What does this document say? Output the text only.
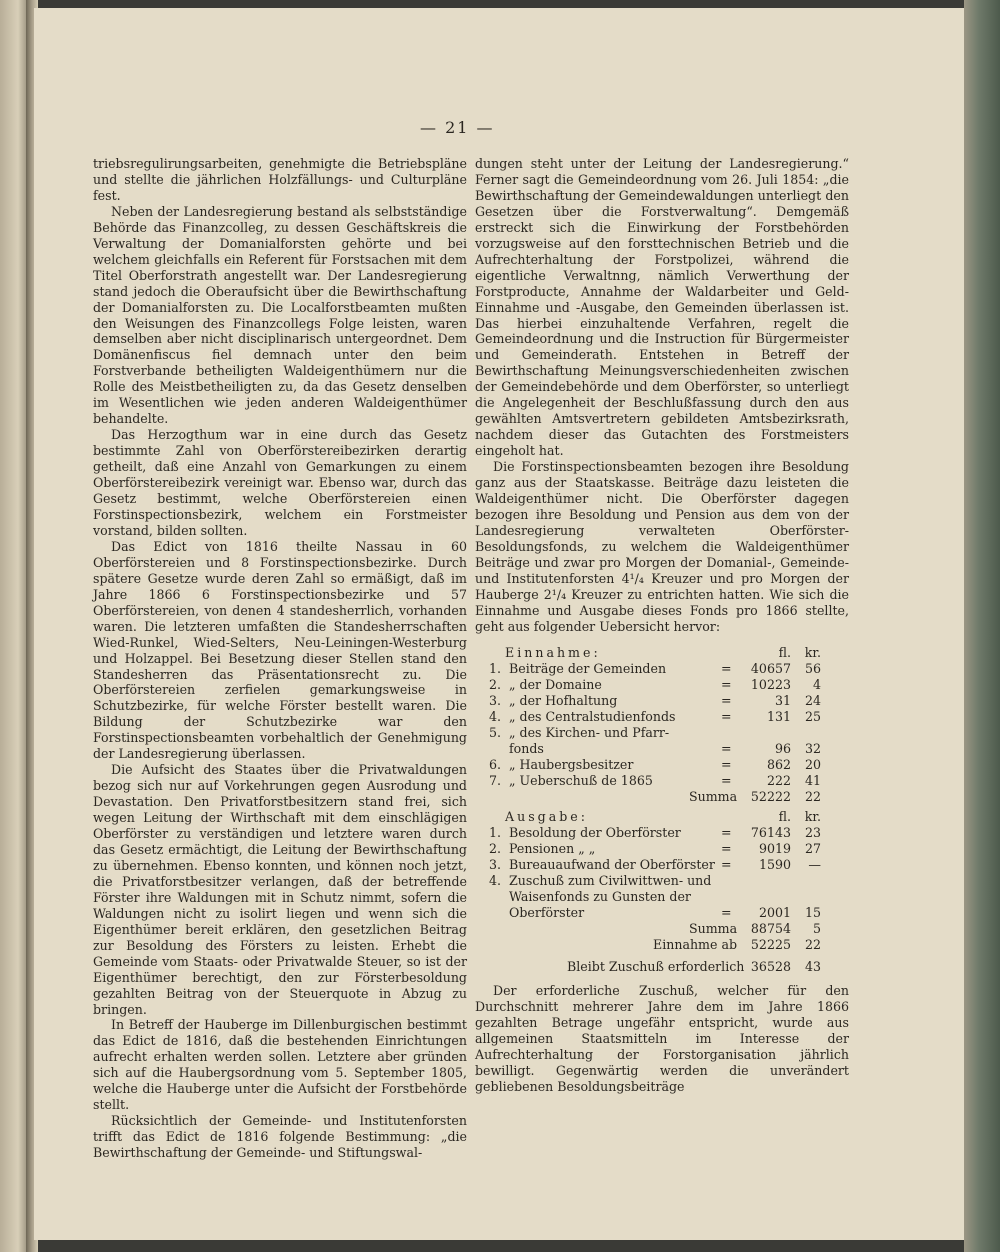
— 21 —

triebsregulirungsarbeiten, genehmigte die Betriebspläne und stellte die jährlichen Holzfällungs- und Culturpläne fest.

Neben der Landesregierung bestand als selbstständige Behörde das Finanzcolleg, zu dessen Geschäftskreis die Verwaltung der Domanialforsten gehörte und bei welchem gleichfalls ein Referent für Forstsachen mit dem Titel Oberforstrath angestellt war. Der Landesregierung stand jedoch die Oberaufsicht über die Bewirthschaftung der Domanialforsten zu. Die Localforstbeamten mußten den Weisungen des Finanzcollegs Folge leisten, waren demselben aber nicht disciplinarisch untergeordnet. Dem Domänenfiscus fiel demnach unter den beim Forstverbande betheiligten Waldeigenthümern nur die Rolle des Meistbetheiligten zu, da das Gesetz denselben im Wesentlichen wie jeden anderen Waldeigenthümer behandelte.

Das Herzogthum war in eine durch das Gesetz bestimmte Zahl von Oberförstereibezirken derartig getheilt, daß eine Anzahl von Gemarkungen zu einem Oberförstereibezirk vereinigt war. Ebenso war, durch das Gesetz bestimmt, welche Oberförstereien einen Forstinspectionsbezirk, welchem ein Forstmeister vorstand, bilden sollten.

Das Edict von 1816 theilte Nassau in 60 Oberförstereien und 8 Forstinspectionsbezirke. Durch spätere Gesetze wurde deren Zahl so ermäßigt, daß im Jahre 1866 6 Forstinspectionsbezirke und 57 Oberförstereien, von denen 4 standesherrlich, vorhanden waren. Die letzteren umfaßten die Standesherrschaften Wied-Runkel, Wied-Selters, Neu-Leiningen-Westerburg und Holzappel. Bei Besetzung dieser Stellen stand den Standesherren das Präsentationsrecht zu. Die Oberförstereien zerfielen gemarkungsweise in Schutzbezirke, für welche Förster bestellt waren. Die Bildung der Schutzbezirke war den Forstinspectionsbeamten vorbehaltlich der Genehmigung der Landesregierung überlassen.

Die Aufsicht des Staates über die Privatwaldungen bezog sich nur auf Vorkehrungen gegen Ausrodung und Devastation. Den Privatforstbesitzern stand frei, sich wegen Leitung der Wirthschaft mit dem einschlägigen Oberförster zu verständigen und letztere waren durch das Gesetz ermächtigt, die Leitung der Bewirthschaftung zu übernehmen. Ebenso konnten, und können noch jetzt, die Privatforstbesitzer verlangen, daß der betreffende Förster ihre Waldungen mit in Schutz nimmt, sofern die Waldungen nicht zu isolirt liegen und wenn sich die Eigenthümer bereit erklären, den gesetzlichen Beitrag zur Besoldung des Försters zu leisten. Erhebt die Gemeinde vom Staats- oder Privatwalde Steuer, so ist der Eigenthümer berechtigt, den zur Försterbesoldung gezahlten Beitrag von der Steuerquote in Abzug zu bringen.

In Betreff der Hauberge im Dillenburgischen bestimmt das Edict de 1816, daß die bestehenden Einrichtungen aufrecht erhalten werden sollen. Letztere aber gründen sich auf die Haubergsordnung vom 5. September 1805, welche die Hauberge unter die Aufsicht der Forstbehörde stellt.

Rücksichtlich der Gemeinde- und Institutenforsten trifft das Edict de 1816 folgende Bestimmung: „die Bewirthschaftung der Gemeinde- und Stiftungswal-

dungen steht unter der Leitung der Landesregierung.“ Ferner sagt die Gemeindeordnung vom 26. Juli 1854: „die Bewirthschaftung der Gemeindewaldungen unterliegt den Gesetzen über die Forstverwaltung“. Demgemäß erstreckt sich die Einwirkung der Forstbehörden vorzugsweise auf den forsttechnischen Betrieb und die Aufrechterhaltung der Forstpolizei, während die eigentliche Verwaltnng, nämlich Verwerthung der Forstproducte, Annahme der Waldarbeiter und Geld-Einnahme und -Ausgabe, den Gemeinden überlassen ist. Das hierbei einzuhaltende Verfahren, regelt die Gemeindeordnung und die Instruction für Bürgermeister und Gemeinderath. Entstehen in Betreff der Bewirthschaftung Meinungsverschiedenheiten zwischen der Gemeindebehörde und dem Oberförster, so unterliegt die Angelegenheit der Beschlußfassung durch den aus gewählten Amtsvertretern gebildeten Amtsbezirksrath, nachdem dieser das Gutachten des Forstmeisters eingeholt hat.

Die Forstinspectionsbeamten bezogen ihre Besoldung ganz aus der Staatskasse. Beiträge dazu leisteten die Waldeigenthümer nicht. Die Oberförster dagegen bezogen ihre Besoldung und Pension aus dem von der Landesregierung verwalteten Oberförster-Besoldungsfonds, zu welchem die Waldeigenthümer Beiträge und zwar pro Morgen der Domanial-, Gemeinde- und Institutenforsten 4¹/₄ Kreuzer und pro Morgen der Hauberge 2¹/₄ Kreuzer zu entrichten hatten. Wie sich die Einnahme und Ausgabe dieses Fonds pro 1866 stellte, geht aus folgender Uebersicht hervor:

Einnahme:	fl. kr.
1. Beiträge der Gemeinden	= 40657 56
2. „ der Domaine	= 10223 4
3. „ der Hofhaltung	=	31 24
4. „ des Centralstudienfonds	=	131 25
5. „ des Kirchen- und Pfarr-
fonds	=	96 32
6. „ Haubergsbesitzer	=	862 20
7. „ Ueberschuß de 1865	=	222 41
Summa 52222 22
Ausgabe:	fl. kr.
1. Besoldung der Oberförster	= 76143 23
2. Pensionen „ „	= 9019 27
3. Bureauaufwand der Oberförster = 1590 —
4. Zuschuß zum Civilwittwen- und
Waisenfonds zu Gunsten der
Oberförster	= 2001 15
Summa 88754 5
Einnahme ab 52225 22
Bleibt Zuschuß erforderlich 36528 43

Der erforderliche Zuschuß, welcher für den Durchschnitt mehrerer Jahre dem im Jahre 1866 gezahlten Betrage ungefähr entspricht, wurde aus allgemeinen Staatsmitteln im Interesse der Aufrechterhaltung der Forstorganisation jährlich bewilligt. Gegenwärtig werden die unverändert gebliebenen Besoldungsbeiträge
